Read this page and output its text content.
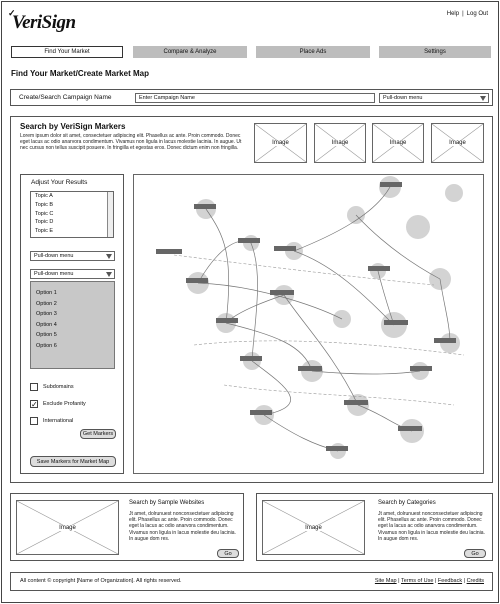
✓
VeriSign	Help | Log Out
Find Your Market	Compare & Analyze	Place Ads	Settings
Find Your Market/Create Market Map
Create/Search Campaign Name	Enter Campaign Name	Pull-down menu
Search by VeriSign Markers
Lorem ipsum dolor sit amet, consectetuer adipiscing elit. Phasellus ac ante. Proin commodo. Donec eget lacus ac odio anarvora condimentum. Vivamus non ligula in lacus molestie lacinia. In augue. Ut nec cursus non tellus suscipit posuere. In fringilla et egestas eros. Donec dictum enim non fringilla.
Image	Image	Image	Image
Adjust Your Results
Topic A
Topic B
Topic C
Topic D
Topic E
Pull-down menu
Pull-down menu
Option 1
Option 2
Option 3
Option 4
Option 5
Option 6
Subdomains
✓ Exclude Profanity
International
Get Markers
Save Markers for Market Map
Image
Search by Sample Websites
Jt amet, dolrunuest nonconsectetuer adipiscing elit. Phasellus ac ante. Proin commodo. Donec eget la lacus ac odio anarvora condimentum. Vivamus non ligula in lacus molestie deu lacinia. In augue dom res.
Go
Image
Search by Categories
Jt amet, dolrunuest nonconsectetuer adipiscing elit. Phasellus ac ante. Proin commodo. Donec eget la lacus ac odio anarvora condimentum. Vivamus non ligula in lacus molestie deu lacinia. In augue dom res.
Go
All content © copyright [Name of Organization]. All rights reserved.	Site Map | Terms of Use | Feedback | Credits
